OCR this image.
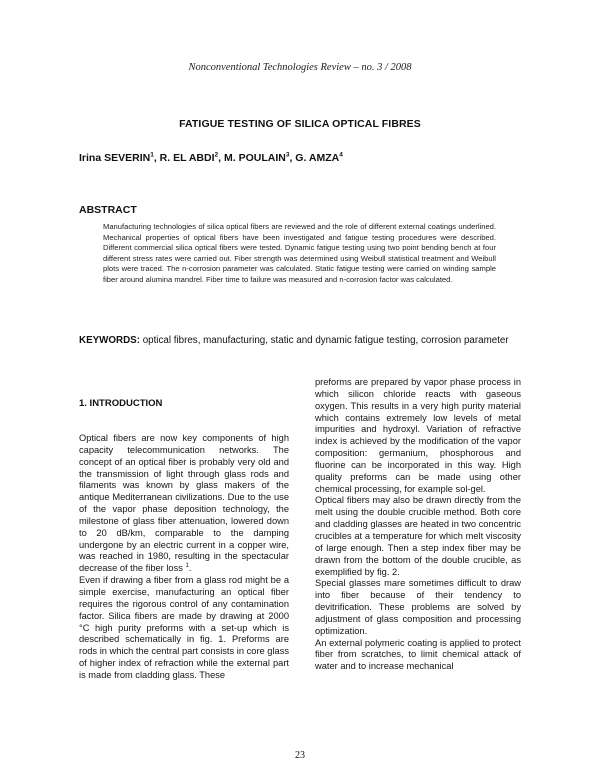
Nonconventional Technologies Review – no. 3 / 2008
FATIGUE TESTING OF SILICA OPTICAL FIBRES
Irina SEVERIN$^1$, R. EL ABDI$^2$, M. POULAIN$^3$, G. AMZA$^4$
ABSTRACT
Manufacturing technologies of silica optical fibers are reviewed and the role of different external coatings underlined. Mechanical properties of optical fibers have been investigated and fatigue testing procedures were described. Different commercial silica optical fibers were tested. Dynamic fatigue testing using two point bending bench at four different stress rates were carried out. Fiber strength was determined using Weibull statistical treatment and Weibull plots were traced. The n-corrosion parameter was calculated. Static fatigue testing were carried on winding sample fiber around alumina mandrel. Fiber time to failure was measured and n-corrosion factor was calculated.
KEYWORDS: optical fibres, manufacturing, static and dynamic fatigue testing, corrosion parameter
1. INTRODUCTION

Optical fibers are now key components of high capacity telecommunication networks. The concept of an optical fiber is probably very old and the transmission of light through glass rods and filaments was known by glass makers of the antique Mediterranean civilizations. Due to the use of the vapor phase deposition technology, the milestone of glass fiber attenuation, lowered down to 20 dB/km, comparable to the damping undergone by an electric current in a copper wire, was reached in 1980, resulting in the spectacular decrease of the fiber loss $^1$.

Even if drawing a fiber from a glass rod might be a simple exercise, manufacturing an optical fiber requires the rigorous control of any contamination factor. Silica fibers are made by drawing at 2000 °C high purity preforms with a set-up which is described schematically in fig. 1. Preforms are rods in which the central part consists in core glass of higher index of refraction while the external part is made from cladding glass. These

preforms are prepared by vapor phase process in which silicon chloride reacts with gaseous oxygen. This results in a very high purity material which contains extremely low levels of metal impurities and hydroxyl. Variation of refractive index is achieved by the modification of the vapor composition: germanium, phosphorous and fluorine can be incorporated in this way. High quality preforms can be made using other chemical processing, for example sol-gel.

Optical fibers may also be drawn directly from the melt using the double crucible method. Both core and cladding glasses are heated in two concentric crucibles at a temperature for which melt viscosity of large enough. Then a step index fiber may be drawn from the bottom of the double crucible, as exemplified by fig. 2.

Special glasses mare sometimes difficult to draw into fiber because of their tendency to devitrification. These problems are solved by adjustment of glass composition and processing optimization.

An external polymeric coating is applied to protect fiber from scratches, to limit chemical attack of water and to increase mechanical

23
